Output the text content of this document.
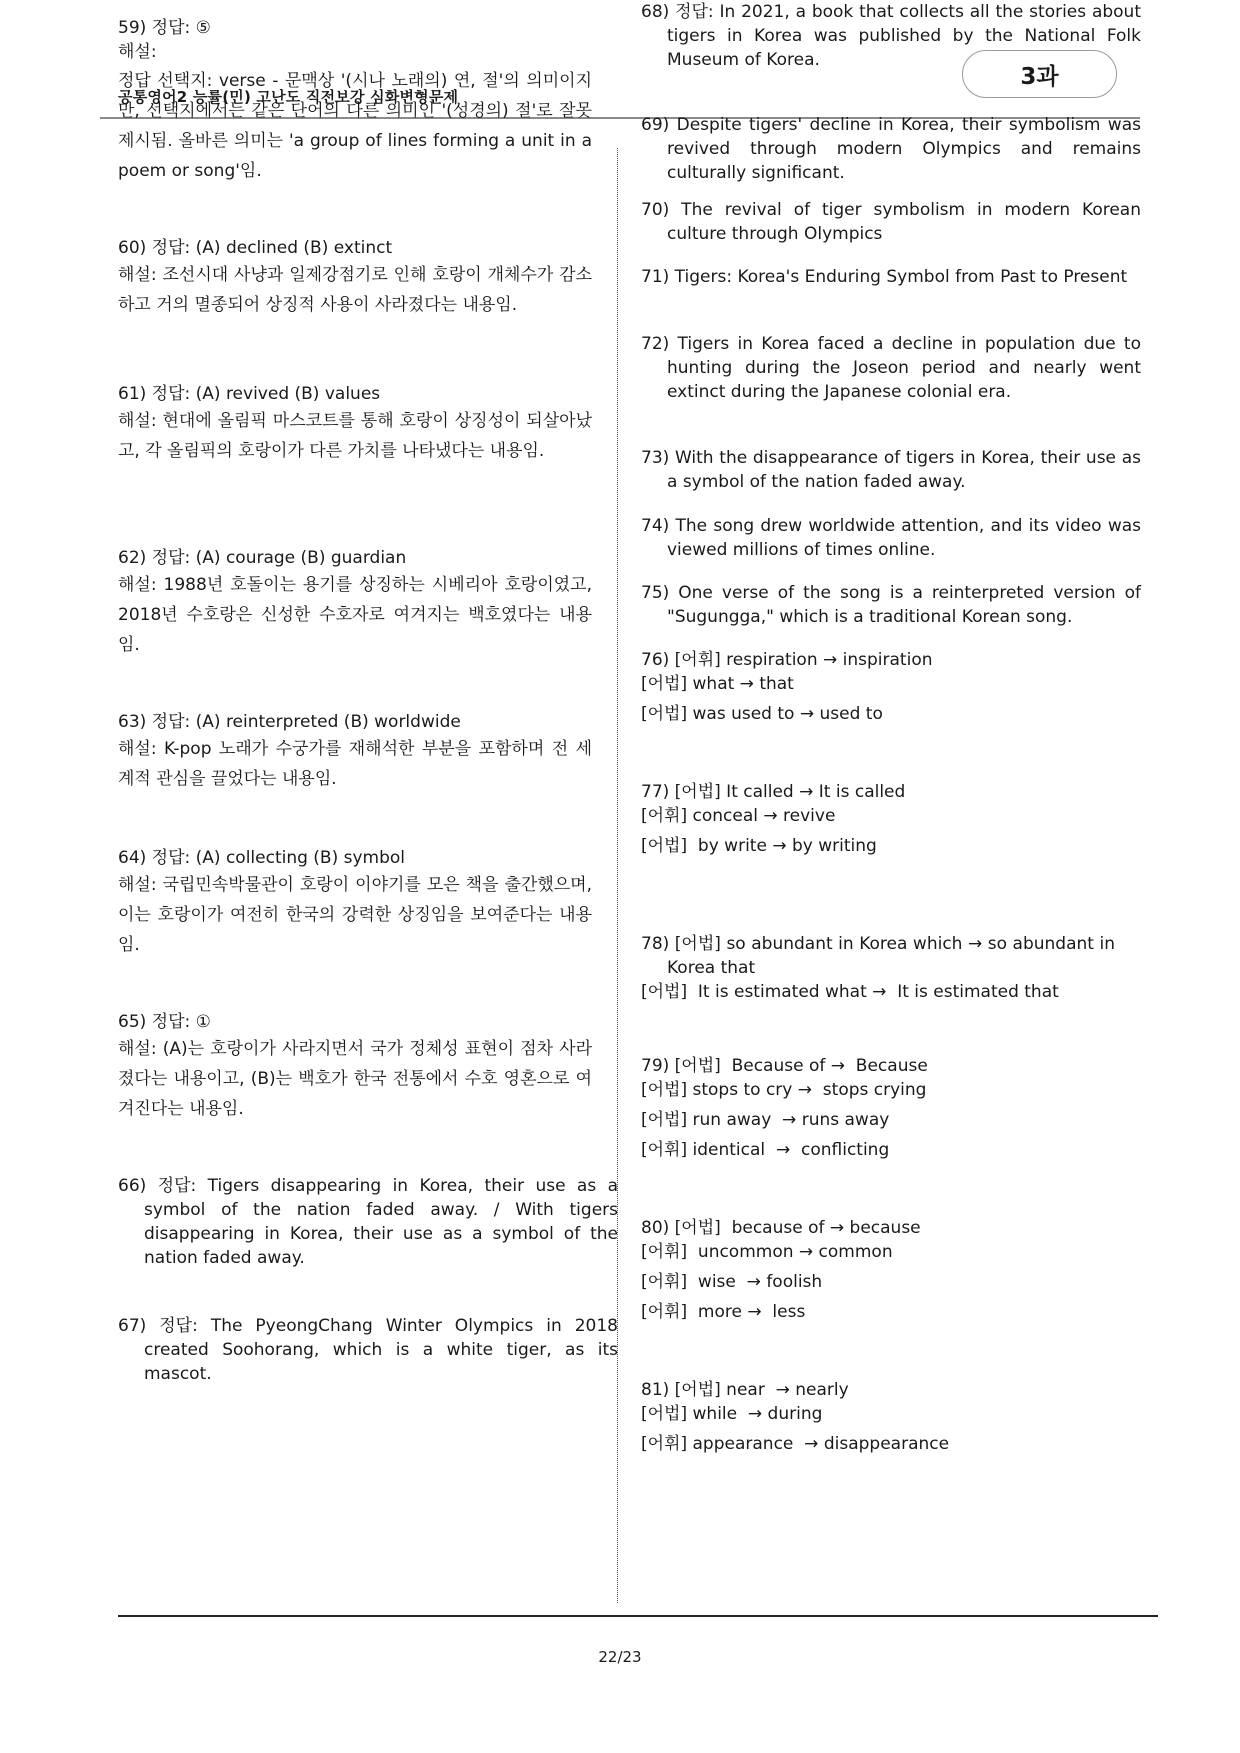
공통영어2 능률(민) 고난도 직전보강 심화변형문제
3과
59) 정답: ⑤
해설:
정답 선택지: verse - 문맥상 '(시나 노래의) 연, 절'의 의미이지만, 선택지에서는 같은 단어의 다른 의미인 '(성경의) 절'로 잘못 제시됨. 올바른 의미는 'a group of lines forming a unit in a poem or song'임.
60) 정답: (A) declined (B) extinct
해설: 조선시대 사냥과 일제강점기로 인해 호랑이 개체수가 감소하고 거의 멸종되어 상징적 사용이 사라졌다는 내용임.
61) 정답: (A) revived (B) values
해설: 현대에 올림픽 마스코트를 통해 호랑이 상징성이 되살아났고, 각 올림픽의 호랑이가 다른 가치를 나타냈다는 내용임.
62) 정답: (A) courage (B) guardian
해설: 1988년 호돌이는 용기를 상징하는 시베리아 호랑이였고, 2018년 수호랑은 신성한 수호자로 여겨지는 백호였다는 내용임.
63) 정답: (A) reinterpreted (B) worldwide
해설: K-pop 노래가 수궁가를 재해석한 부분을 포함하며 전 세계적 관심을 끌었다는 내용임.
64) 정답: (A) collecting (B) symbol
해설: 국립민속박물관이 호랑이 이야기를 모은 책을 출간했으며, 이는 호랑이가 여전히 한국의 강력한 상징임을 보여준다는 내용임.
65) 정답: ①
해설: (A)는 호랑이가 사라지면서 국가 정체성 표현이 점차 사라졌다는 내용이고, (B)는 백호가 한국 전통에서 수호 영혼으로 여겨진다는 내용임.
66) 정답: Tigers disappearing in Korea, their use as a symbol of the nation faded away. / With tigers disappearing in Korea, their use as a symbol of the nation faded away.
67) 정답: The PyeongChang Winter Olympics in 2018 created Soohorang, which is a white tiger, as its mascot.
68) 정답: In 2021, a book that collects all the stories about tigers in Korea was published by the National Folk Museum of Korea.
69) Despite tigers' decline in Korea, their symbolism was revived through modern Olympics and remains culturally significant.
70) The revival of tiger symbolism in modern Korean culture through Olympics
71) Tigers: Korea's Enduring Symbol from Past to Present
72) Tigers in Korea faced a decline in population due to hunting during the Joseon period and nearly went extinct during the Japanese colonial era.
73) With the disappearance of tigers in Korea, their use as a symbol of the nation faded away.
74) The song drew worldwide attention, and its video was viewed millions of times online.
75) One verse of the song is a reinterpreted version of "Sugungga," which is a traditional Korean song.
76) [어휘] respiration → inspiration
[어법] what → that
[어법] was used to → used to
77) [어법] It called → It is called
[어휘] conceal → revive
[어법]  by write → by writing
78) [어법] so abundant in Korea which → so abundant in Korea that
[어법]  It is estimated what →  It is estimated that
79) [어법]  Because of →  Because
[어법] stops to cry →  stops crying
[어법] run away  → runs away
[어휘] identical  →  conflicting
80) [어법]  because of → because
[어휘]  uncommon → common
[어휘]  wise  → foolish
[어휘]  more →  less
81) [어법] near  → nearly
[어법] while  → during
[어휘] appearance  → disappearance
22/23
